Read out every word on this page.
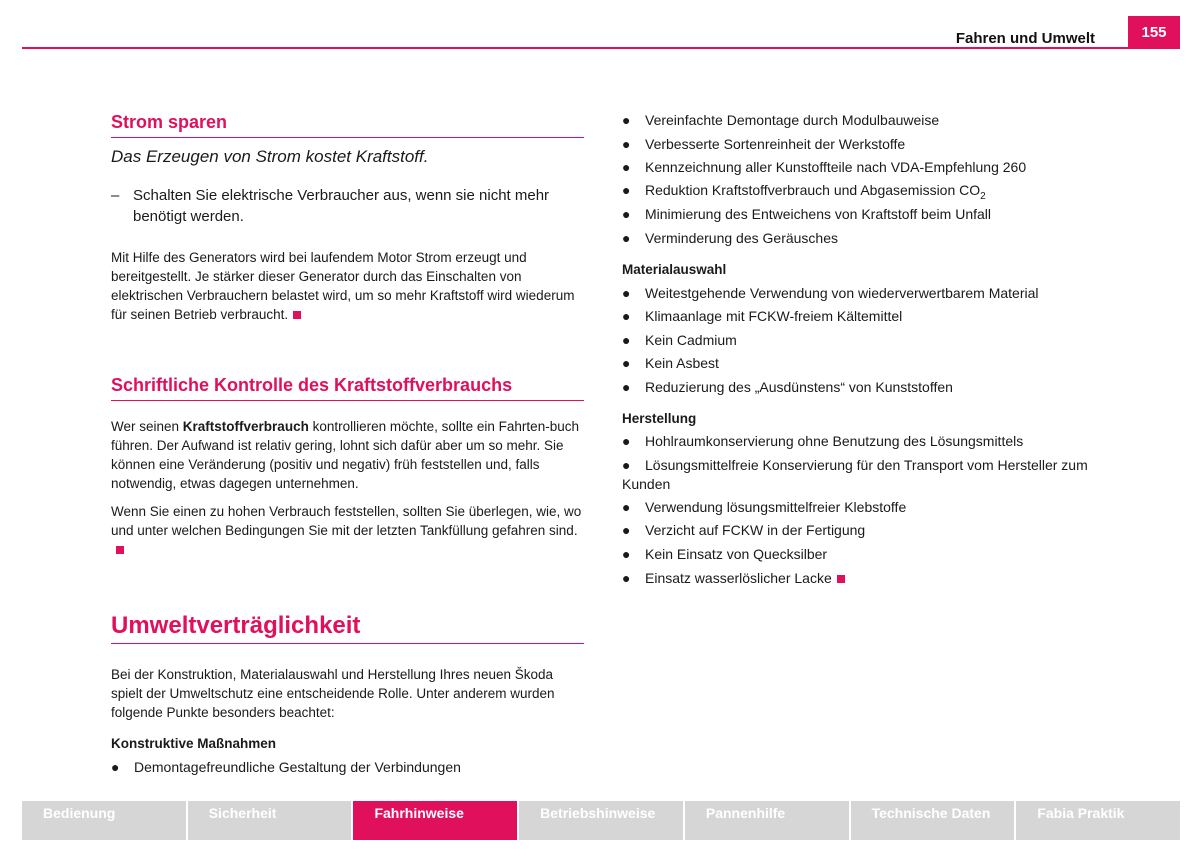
Fahren und Umwelt	155
Strom sparen
Das Erzeugen von Strom kostet Kraftstoff.
– Schalten Sie elektrische Verbraucher aus, wenn sie nicht mehr benötigt werden.
Mit Hilfe des Generators wird bei laufendem Motor Strom erzeugt und bereitgestellt. Je stärker dieser Generator durch das Einschalten von elektrischen Verbrauchern belastet wird, um so mehr Kraftstoff wird wiederum für seinen Betrieb verbraucht.
Schriftliche Kontrolle des Kraftstoffverbrauchs
Wer seinen Kraftstoffverbrauch kontrollieren möchte, sollte ein Fahrten-buch führen. Der Aufwand ist relativ gering, lohnt sich dafür aber um so mehr. Sie können eine Veränderung (positiv und negativ) früh feststellen und, falls notwendig, etwas dagegen unternehmen.
Wenn Sie einen zu hohen Verbrauch feststellen, sollten Sie überlegen, wie, wo und unter welchen Bedingungen Sie mit der letzten Tankfüllung gefahren sind.
Umweltverträglichkeit
Bei der Konstruktion, Materialauswahl und Herstellung Ihres neuen Škoda spielt der Umweltschutz eine entscheidende Rolle. Unter anderem wurden folgende Punkte besonders beachtet:
Konstruktive Maßnahmen
● Demontagefreundliche Gestaltung der Verbindungen
● Vereinfachte Demontage durch Modulbauweise
● Verbesserte Sortenreinheit der Werkstoffe
● Kennzeichnung aller Kunstoffteile nach VDA-Empfehlung 260
● Reduktion Kraftstoffverbrauch und Abgasemission $CO_2$
● Minimierung des Entweichens von Kraftstoff beim Unfall
● Verminderung des Geräusches
Materialauswahl
● Weitestgehende Verwendung von wiederverwertbarem Material
● Klimaanlage mit FCKW-freiem Kältemittel
● Kein Cadmium
● Kein Asbest
● Reduzierung des „Ausdünstens“ von Kunststoffen
Herstellung
● Hohlraumkonservierung ohne Benutzung des Lösungsmittels
● Lösungsmittelfreie Konservierung für den Transport vom Hersteller zum Kunden
● Verwendung lösungsmittelfreier Klebstoffe
● Verzicht auf FCKW in der Fertigung
● Kein Einsatz von Quecksilber
● Einsatz wasserlöslicher Lacke
Bedienung	Sicherheit	Fahrhinweise	Betriebshinweise	Pannenhilfe	Technische Daten	Fabia Praktik
